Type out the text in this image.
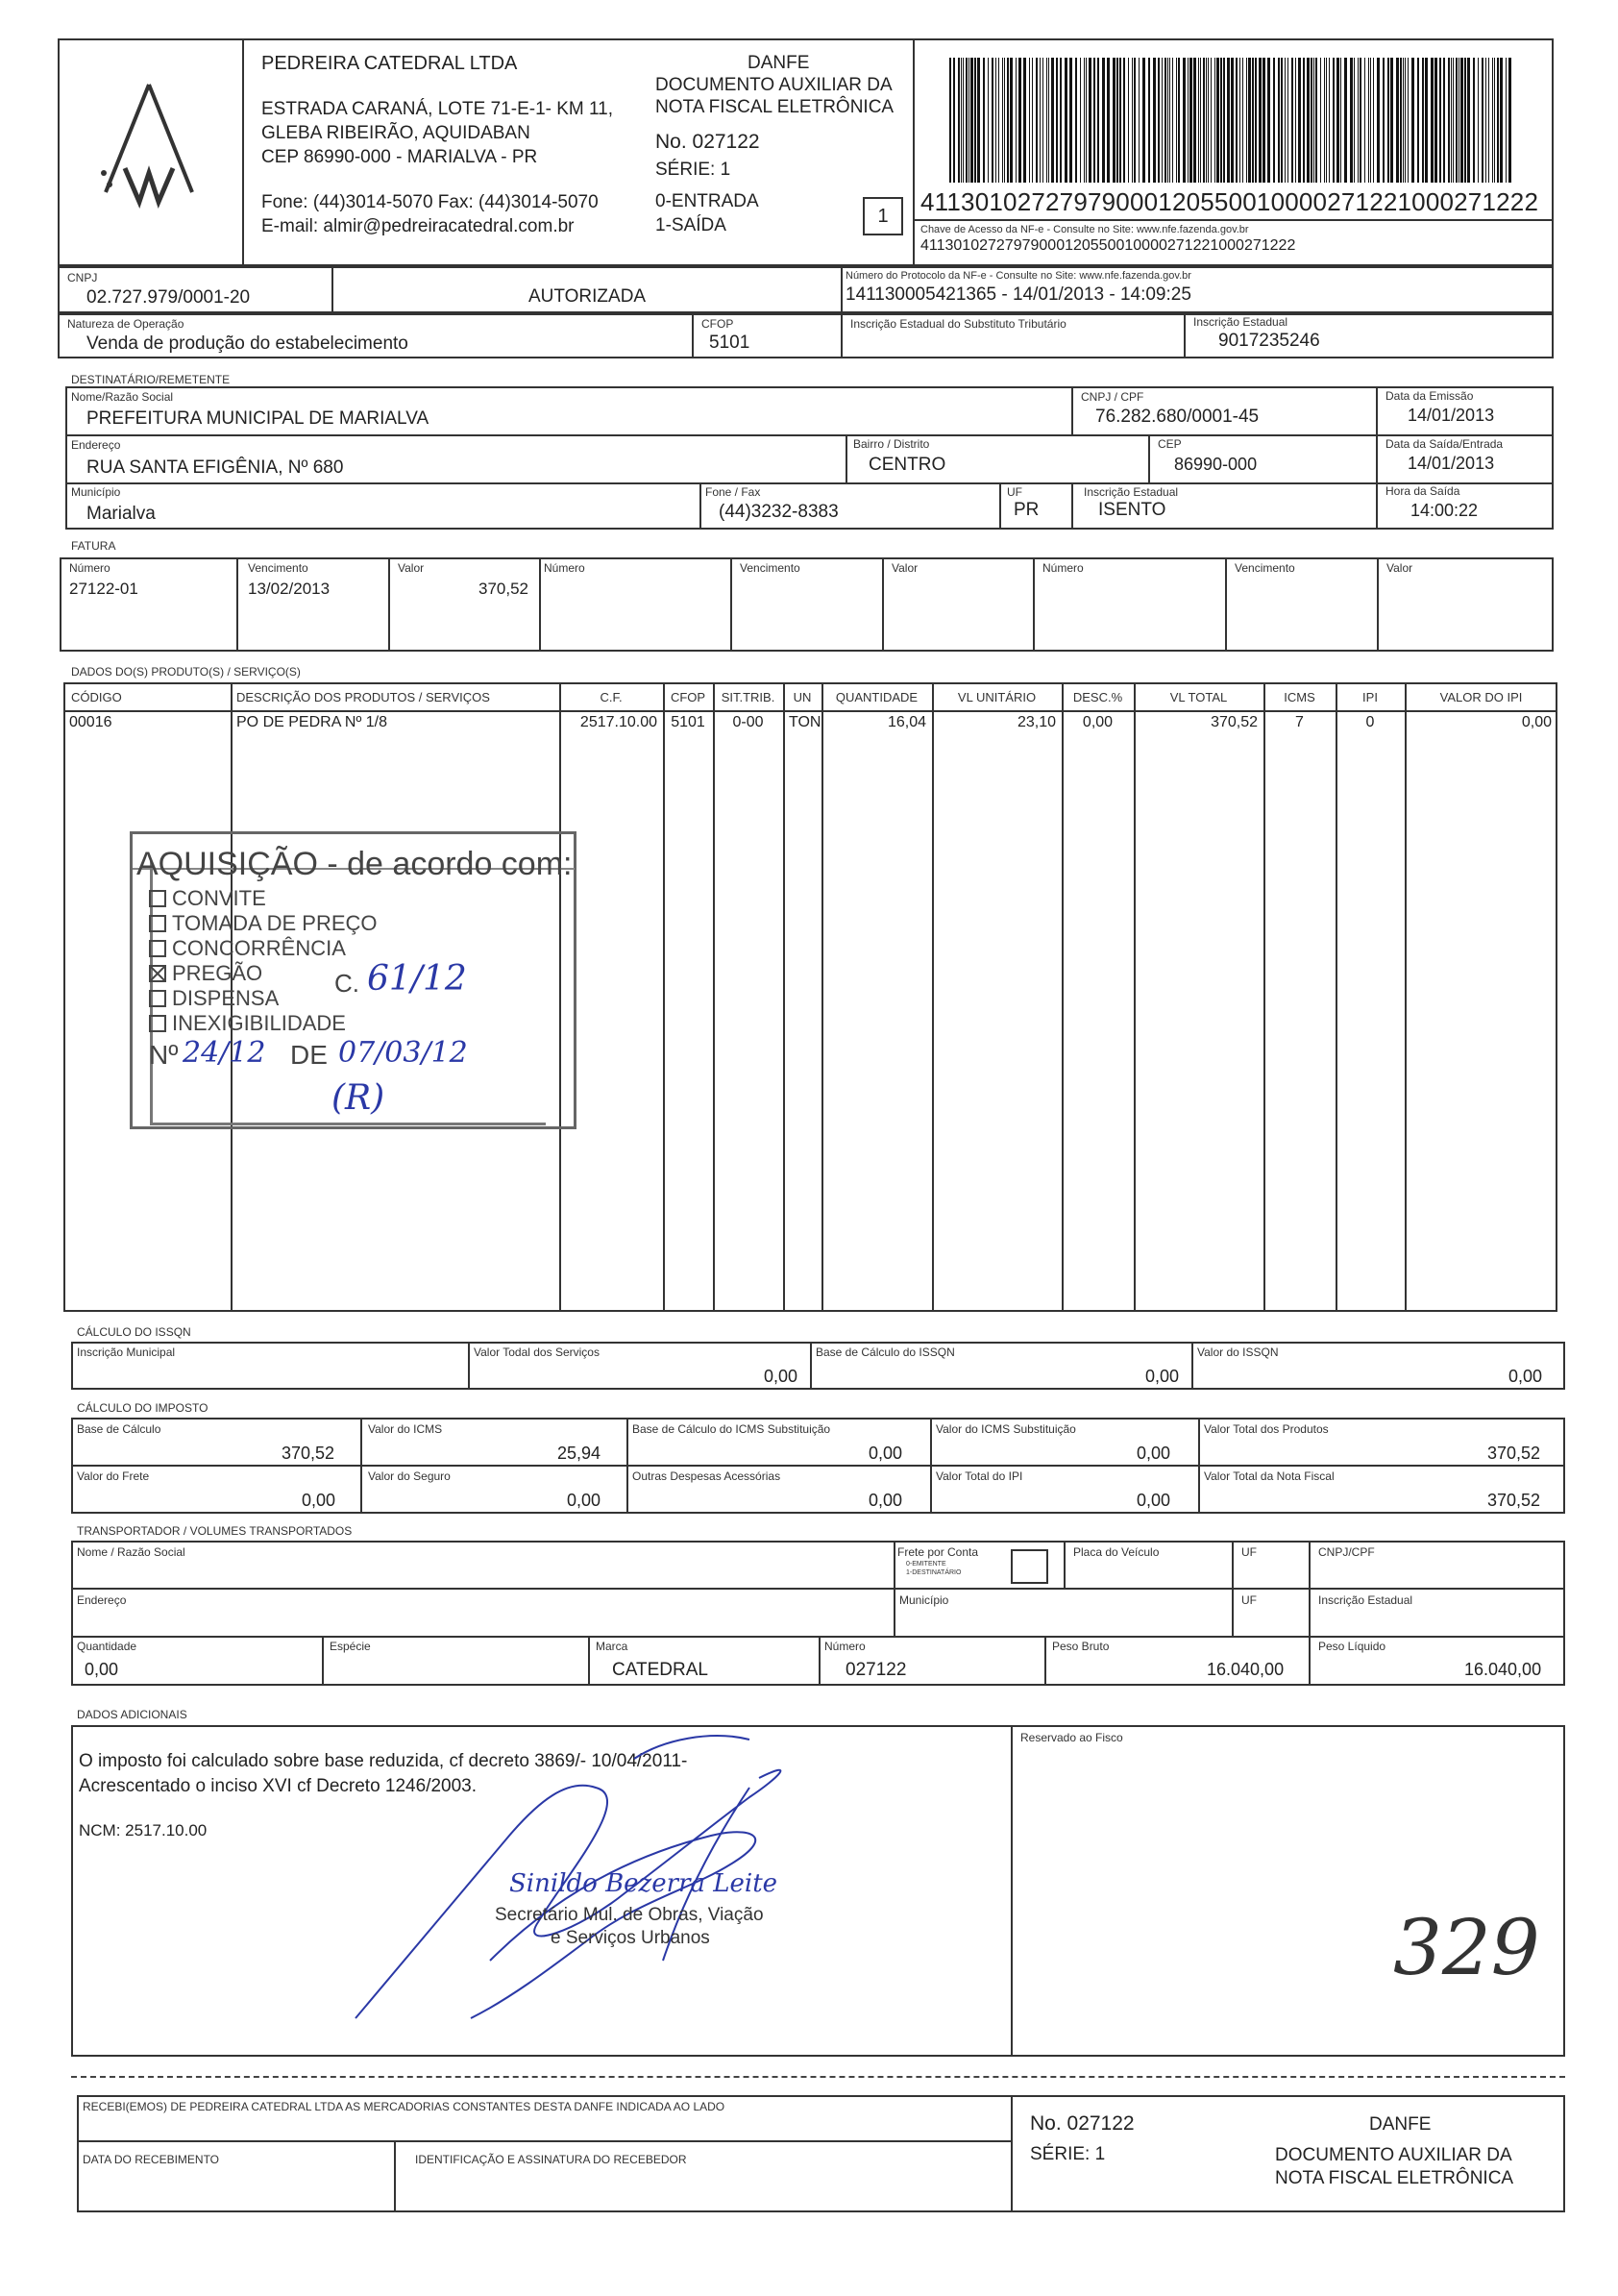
PEDREIRA CATEDRAL LTDA
ESTRADA CARANÁ, LOTE 71-E-1- KM 11,
GLEBA RIBEIRÃO, AQUIDABAN
CEP 86990-000 - MARIALVA - PR
Fone: (44)3014-5070 Fax: (44)3014-5070
E-mail: almir@pedreiracatedral.com.br
DANFE
DOCUMENTO AUXILIAR DA
NOTA FISCAL ELETRÔNICA
No. 027122
SÉRIE: 1
0-ENTRADA
1-SAÍDA	1	41130102727979000120550010000271221000271222
Chave de Acesso da NF-e - Consulte no Site: www.nfe.fazenda.gov.br
41130102727979000120550010000271221000271222
CNPJ
02.727.979/0001-20	AUTORIZADA
Número do Protocolo da NF-e - Consulte no Site: www.nfe.fazenda.gov.br
141130005421365 - 14/01/2013 - 14:09:25
Natureza de Operação
Venda de produção do estabelecimento
CFOP
5101
Inscrição Estadual do Substituto Tributário	Inscrição Estadual
9017235246
DESTINATÁRIO/REMETENTE
Nome/Razão Social
PREFEITURA MUNICIPAL DE MARIALVA
CNPJ / CPF
76.282.680/0001-45
Data da Emissão
14/01/2013
Endereço
RUA SANTA EFIGÊNIA, Nº 680
Bairro / Distrito
CENTRO
CEP
86990-000
Data da Saída/Entrada
14/01/2013
Município
Marialva
Fone / Fax
(44)3232-8383
UF
PR
Inscrição Estadual
ISENTO
Hora da Saída
14:00:22
FATURA
Número	Vencimento	Valor	Número	Vencimento	Valor	Número	Vencimento	Valor
27122-01	13/02/2013	370,52
DADOS DO(S) PRODUTO(S) / SERVIÇO(S)
CÓDIGO	DESCRIÇÃO DOS PRODUTOS / SERVIÇOS	C.F.	CFOP	SIT.TRIB.	UN	QUANTIDADE	VL UNITÁRIO	DESC.%	VL TOTAL	ICMS	IPI	VALOR DO IPI
00016	PO DE PEDRA Nº 1/8	2517.10.00 5101	0-00	TON	16,04	23,10	0,00	370,52	7	0	0,00
AQUISIÇÃO - de acordo com:
CONVITE
TOMADA DE PREÇO
CONCORRÊNCIA
PREGÃO
DISPENSA
INEXIGIBILIDADE
C. 61/12
Nº 24/12 DE 07/03/12
(R)
CÁLCULO DO ISSQN
Inscrição Municipal	Valor Todal dos Serviços
0,00
Base de Cálculo do ISSQN
0,00
Valor do ISSQN
0,00
CÁLCULO DO IMPOSTO
Base de Cálculo
370,52
Valor do ICMS
25,94
Base de Cálculo do ICMS Substituição
0,00
Valor do ICMS Substituição
0,00
Valor Total dos Produtos
370,52
Valor do Frete
0,00
Valor do Seguro
0,00
Outras Despesas Acessórias
0,00
Valor Total do IPI
0,00
Valor Total da Nota Fiscal
370,52
TRANSPORTADOR / VOLUMES TRANSPORTADOS
Nome / Razão Social	Frete por Conta
0-EMITENTE
1-DESTINATÁRIO
Placa do Veículo	UF	CNPJ/CPF
Endereço	Município	UF	Inscrição Estadual
Quantidade
0,00
Espécie	Marca
CATEDRAL
Número
027122
Peso Bruto
16.040,00
Peso Líquido
16.040,00
DADOS ADICIONAIS
O imposto foi calculado sobre base reduzida, cf decreto 3869/- 10/04/2011-
Acrescentado o inciso XVI cf Decreto 1246/2003.
NCM: 2517.10.00
Reservado ao Fisco
329
Sinildo Bezerra Leite
Secretário Mul. de Obras, Viação
e Serviços Urbanos
RECEBI(EMOS) DE PEDREIRA CATEDRAL LTDA AS MERCADORIAS CONSTANTES DESTA DANFE INDICADA AO LADO
DATA DO RECEBIMENTO	IDENTIFICAÇÃO E ASSINATURA DO RECEBEDOR
No. 027122
SÉRIE: 1
DANFE
DOCUMENTO AUXILIAR DA
NOTA FISCAL ELETRÔNICA
